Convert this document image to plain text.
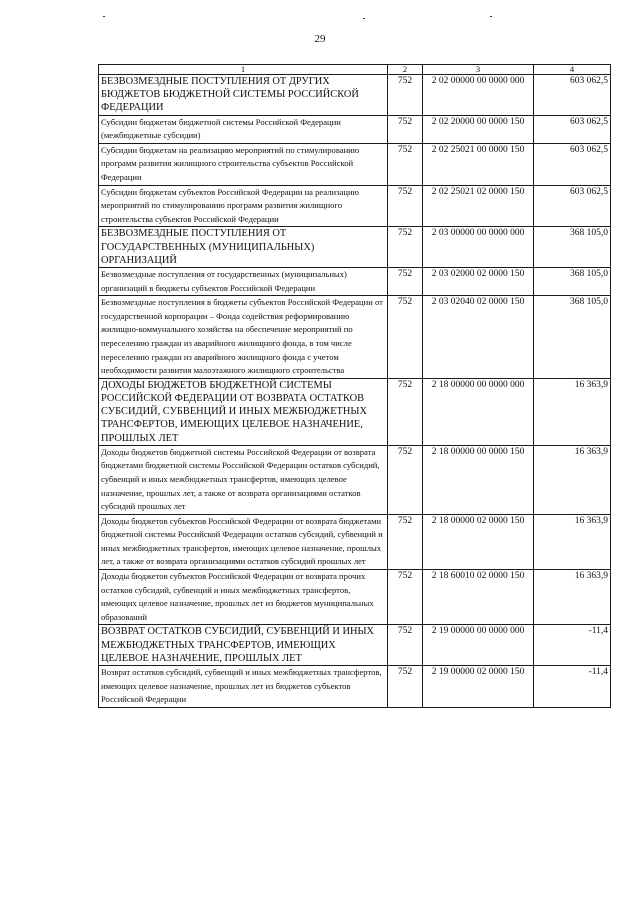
29
1	2	3	4
БЕЗВОЗМЕЗДНЫЕ ПОСТУПЛЕНИЯ ОТ ДРУГИХ БЮДЖЕТОВ БЮДЖЕТНОЙ СИСТЕМЫ РОССИЙСКОЙ ФЕДЕРАЦИИ	752	2 02 00000 00 0000 000	603 062,5
Субсидии бюджетам бюджетной системы Российской Федерации (межбюджетные субсидии)	752	2 02 20000 00 0000 150	603 062,5
Субсидии бюджетам на реализацию мероприятий по стимулированию программ развития жилищного строительства субъектов Российской Федерации	752	2 02 25021 00 0000 150	603 062,5
Субсидии бюджетам субъектов Российской Федерации на реализацию мероприятий по стимулированию программ развития жилищного строительства субъектов Российской Федерации	752	2 02 25021 02 0000 150	603 062,5
БЕЗВОЗМЕЗДНЫЕ ПОСТУПЛЕНИЯ ОТ ГОСУДАРСТВЕННЫХ (МУНИЦИПАЛЬНЫХ) ОРГАНИЗАЦИЙ	752	2 03 00000 00 0000 000	368 105,0
Безвозмездные поступления от государственных (муниципальных) организаций в бюджеты субъектов Российской Федерации	752	2 03 02000 02 0000 150	368 105,0
Безвозмездные поступления в бюджеты субъектов Российской Федерации от государственной корпорации – Фонда содействия реформированию жилищно-коммунального хозяйства на обеспечение мероприятий по переселению граждан из аварийного жилищного фонда, в том числе переселению граждан из аварийного жилищного фонда с учетом необходимости развития малоэтажного жилищного строительства	752	2 03 02040 02 0000 150	368 105,0
ДОХОДЫ БЮДЖЕТОВ БЮДЖЕТНОЙ СИСТЕМЫ РОССИЙСКОЙ ФЕДЕРАЦИИ ОТ ВОЗВРАТА ОСТАТКОВ СУБСИДИЙ, СУБВЕНЦИЙ И ИНЫХ МЕЖБЮДЖЕТНЫХ ТРАНСФЕРТОВ, ИМЕЮЩИХ ЦЕЛЕВОЕ НАЗНАЧЕНИЕ, ПРОШЛЫХ ЛЕТ	752	2 18 00000 00 0000 000	16 363,9
Доходы бюджетов бюджетной системы Российской Федерации от возврата бюджетами бюджетной системы Российской Федерации остатков субсидий, субвенций и иных межбюджетных трансфертов, имеющих целевое назначение, прошлых лет, а также от возврата организациями остатков субсидий прошлых лет	752	2 18 00000 00 0000 150	16 363,9
Доходы бюджетов субъектов Российской Федерации от возврата бюджетами бюджетной системы Российской Федерации остатков субсидий, субвенций и иных межбюджетных трансфертов, имеющих целевое назначение, прошлых лет, а также от возврата организациями остатков субсидий прошлых лет	752	2 18 00000 02 0000 150	16 363,9
Доходы бюджетов субъектов Российской Федерации от возврата прочих остатков субсидий, субвенций и иных межбюджетных трансфертов, имеющих целевое назначение, прошлых лет из бюджетов муниципальных образований	752	2 18 60010 02 0000 150	16 363,9
ВОЗВРАТ ОСТАТКОВ СУБСИДИЙ, СУБВЕНЦИЙ И ИНЫХ МЕЖБЮДЖЕТНЫХ ТРАНСФЕРТОВ, ИМЕЮЩИХ ЦЕЛЕВОЕ НАЗНАЧЕНИЕ, ПРОШЛЫХ ЛЕТ	752	2 19 00000 00 0000 000	-11,4
Возврат остатков субсидий, субвенций и иных межбюджетных трансфертов, имеющих целевое назначение, прошлых лет из бюджетов субъектов Российской Федерации	752	2 19 00000 02 0000 150	-11,4
